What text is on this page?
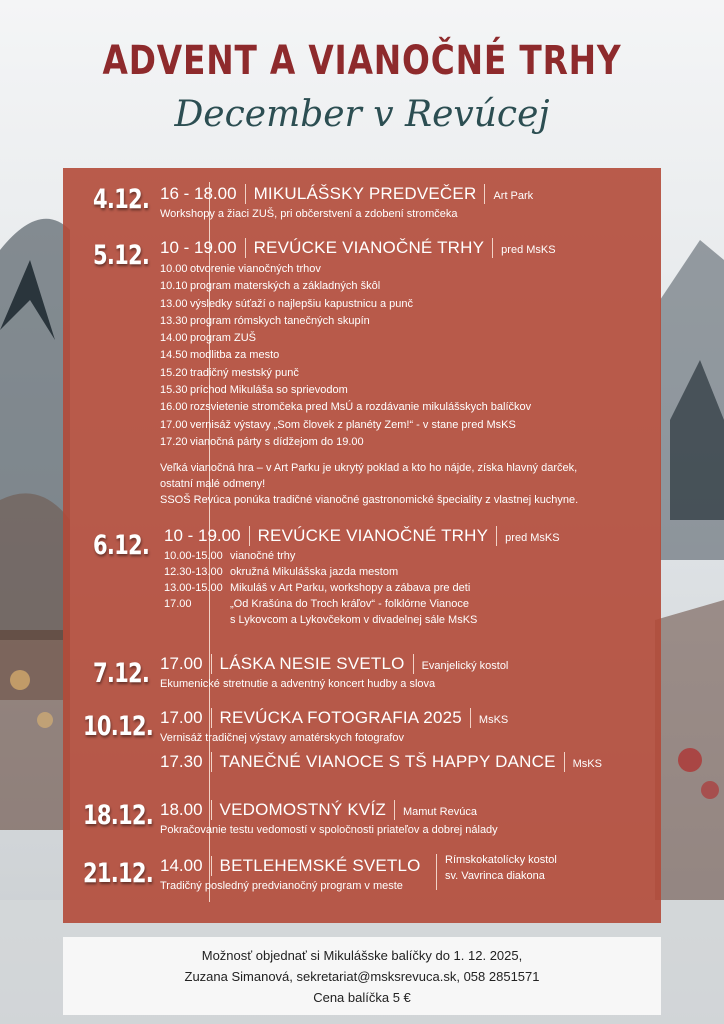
ADVENT A VIANOČNÉ TRHY
December v Revúcej
4.12. 16 - 18.00 MIKULÁŠSKY PREDVEČER Art Park
Workshopy a žiaci ZUŠ, pri občerstvení a zdobení stromčeka
5.12. 10 - 19.00 REVÚCKE VIANOČNÉ TRHY pred MsKS
10.00 otvorenie vianočných trhov
10.10 program materských a základných škôl
13.00 výsledky súťaží o najlepšiu kapustnicu a punč
13.30 program rómskych tanečných skupín
14.00 program ZUŠ
14.50 modlitba za mesto
15.20 tradičný mestský punč
15.30 príchod Mikuláša so sprievodom
16.00 rozsvietenie stromčeka pred MsÚ a rozdávanie mikulášskych balíčkov
17.00 vernisáž výstavy „Som človek z planéty Zem!“ - v stane pred MsKS
17.20 vianočná párty s dídžejom do 19.00
Veľká vianočná hra – v Art Parku je ukrytý poklad a kto ho nájde, získa hlavný darček, ostatní malé odmeny!
SSOŠ Revúca ponúka tradičné vianočné gastronomické špeciality z vlastnej kuchyne.
6.12. 10 - 19.00 REVÚCKE VIANOČNÉ TRHY pred MsKS
10.00-15.00 vianočné trhy
12.30-13.00 okružná Mikulášska jazda mestom
13.00-15.00 Mikuláš v Art Parku, workshopy a zábava pre deti
17.00	„Od Krašúna do Troch kráľov“ - folklórne Vianoce
s Lykovcom a Lykovčekom v divadelnej sále MsKS
7.12. 17.00 LÁSKA NESIE SVETLO Evanjelický kostol
Ekumenické stretnutie a adventný koncert hudby a slova
10.12. 17.00 REVÚCKA FOTOGRAFIA 2025 MsKS
Vernisáž tradičnej výstavy amatérskych fotografov
17.30 TANEČNÉ VIANOCE S TŠ HAPPY DANCE MsKS
18.12. 18.00 VEDOMOSTNÝ KVÍZ Mamut Revúca
Pokračovanie testu vedomostí v spoločnosti priateľov a dobrej nálady
21.12. 14.00 BETLEHEMSKÉ SVETLO Rímskokatolícky kostol
sv. Vavrinca diakona
Tradičný posledný predvianočný program v meste
Možnosť objednať si Mikulášske balíčky do 1. 12. 2025,
Zuzana Simanová, sekretariat@msksrevuca.sk, 058 2851571
Cena balíčka 5 €
